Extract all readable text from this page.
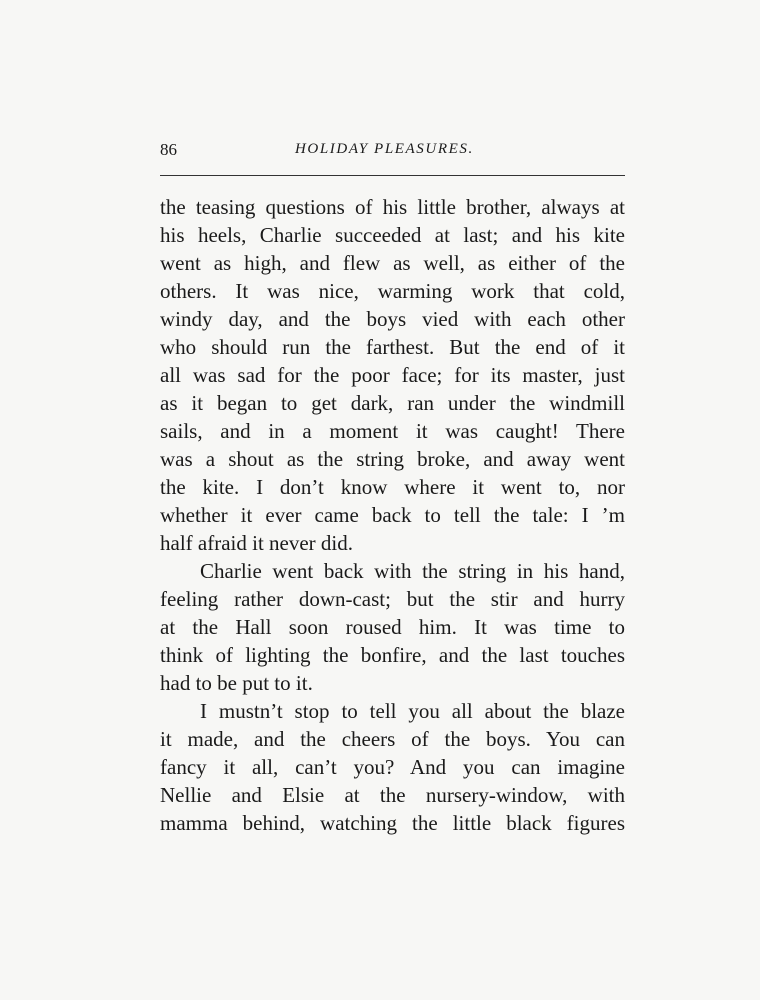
86	HOLIDAY PLEASURES.
the teasing questions of his little brother, always at
his heels, Charlie succeeded at last; and his kite
went as high, and flew as well, as either of the
others. It was nice, warming work that cold,
windy day, and the boys vied with each other
who should run the farthest. But the end of it
all was sad for the poor face; for its master, just
as it began to get dark, ran under the windmill
sails, and in a moment it was caught! There
was a shout as the string broke, and away went
the kite. I don’t know where it went to, nor
whether it ever came back to tell the tale: I ’m
half afraid it never did.
Charlie went back with the string in his hand,
feeling rather down-cast; but the stir and hurry
at the Hall soon roused him. It was time to
think of lighting the bonfire, and the last touches
had to be put to it.
I mustn’t stop to tell you all about the blaze
it made, and the cheers of the boys. You can
fancy it all, can’t you? And you can imagine
Nellie and Elsie at the nursery-window, with
mamma behind, watching the little black figures
